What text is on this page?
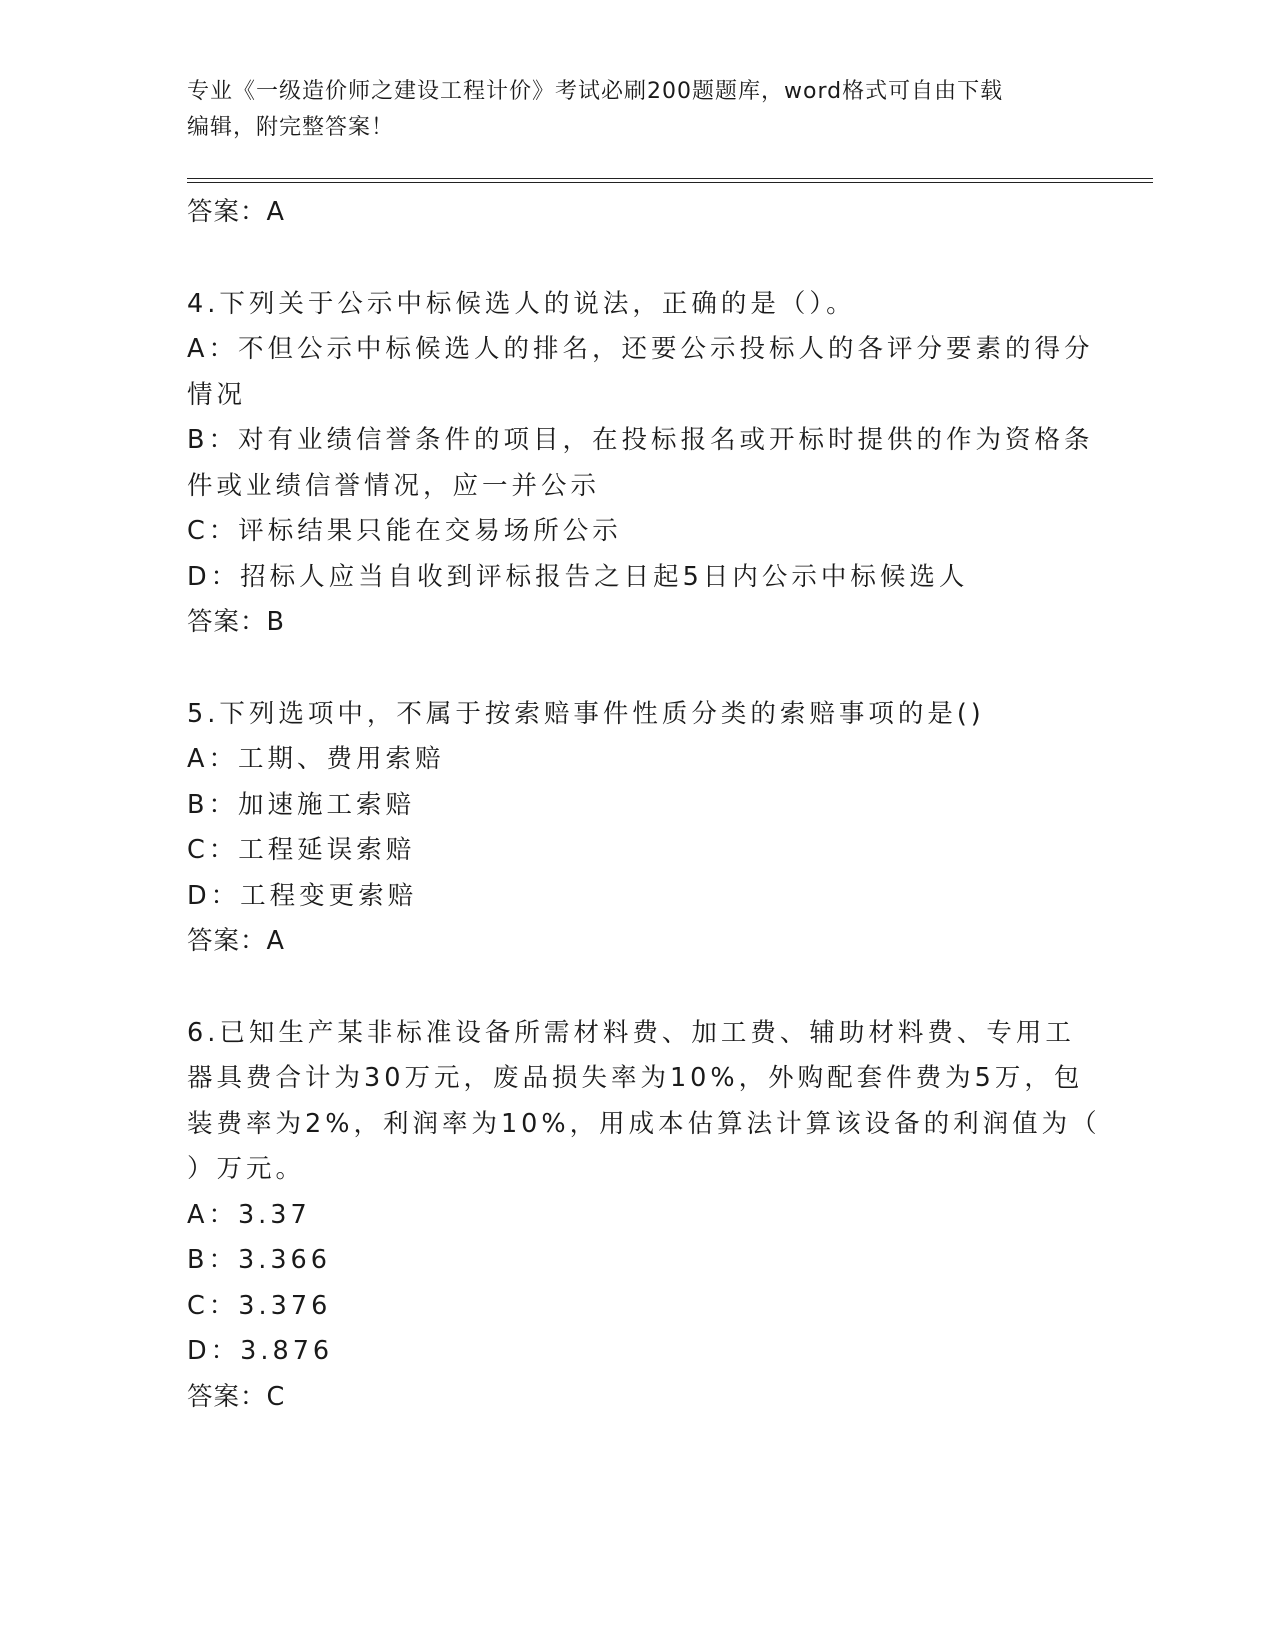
专业《一级造价师之建设工程计价》考试必刷200题题库，word格式可自由下载
编辑，附完整答案！
答案：A
4.下列关于公示中标候选人的说法，正确的是（）。
A：不但公示中标候选人的排名，还要公示投标人的各评分要素的得分
情况
B：对有业绩信誉条件的项目，在投标报名或开标时提供的作为资格条
件或业绩信誉情况，应一并公示
C：评标结果只能在交易场所公示
D：招标人应当自收到评标报告之日起5日内公示中标候选人
答案：B
5.下列选项中，不属于按索赔事件性质分类的索赔事项的是()
A：工期、费用索赔
B：加速施工索赔
C：工程延误索赔
D：工程变更索赔
答案：A
6.已知生产某非标准设备所需材料费、加工费、辅助材料费、专用工
器具费合计为30万元，废品损失率为10%，外购配套件费为5万，包
装费率为2%，利润率为10%，用成本估算法计算该设备的利润值为（
）万元。
A：3.37
B：3.366
C：3.376
D：3.876
答案：C
